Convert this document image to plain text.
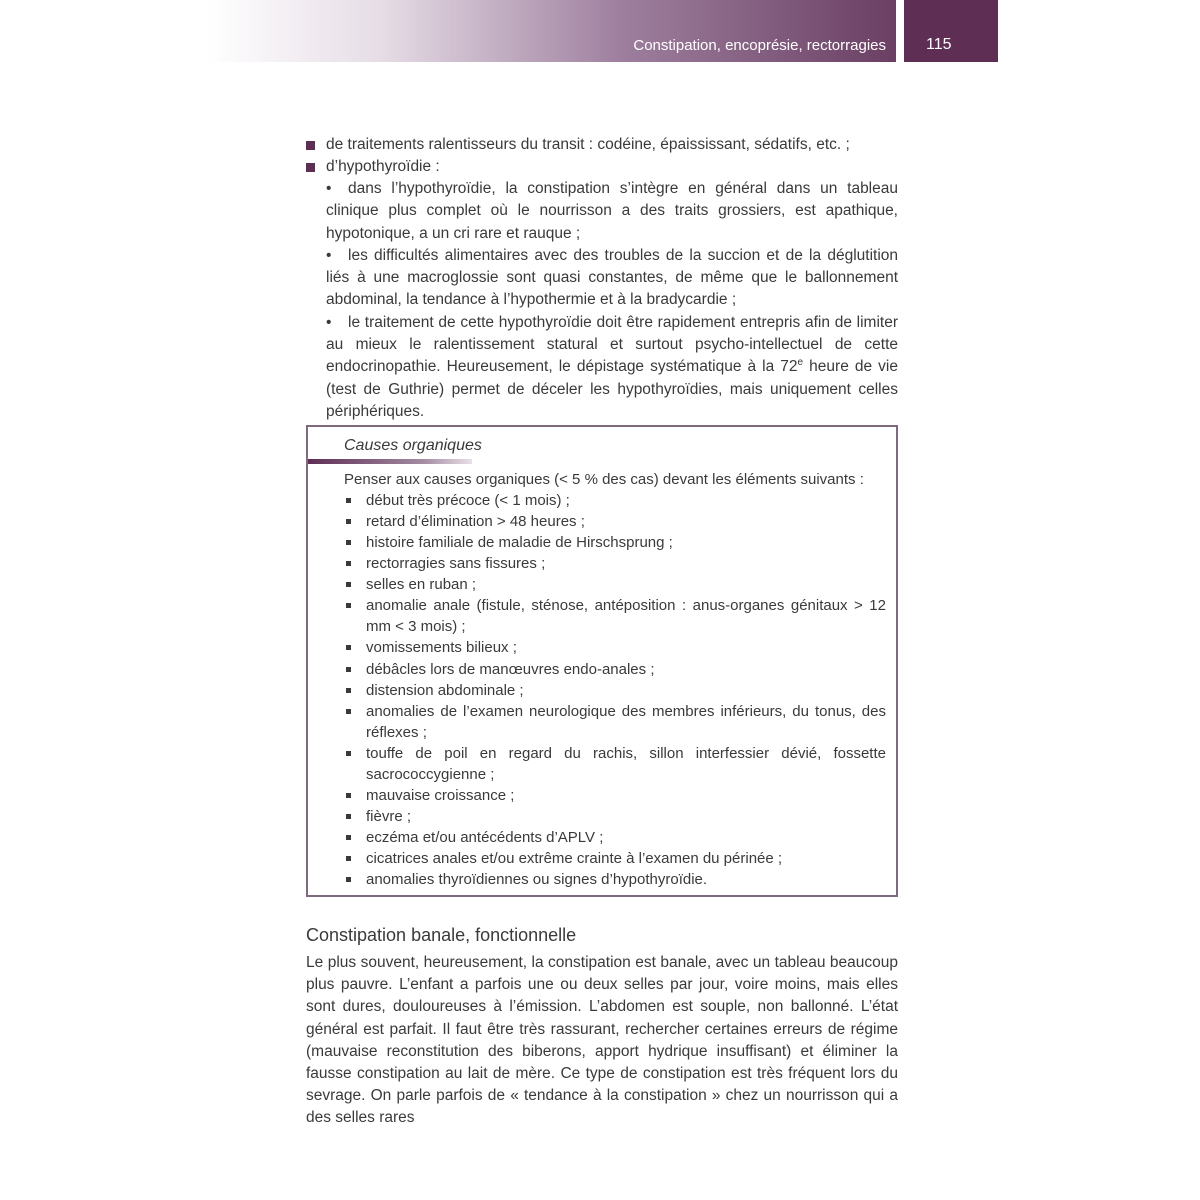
Constipation, encoprésie, rectorragies	115
de traitements ralentisseurs du transit : codéine, épaississant, sédatifs, etc. ;
d’hypothyroïdie :
• dans l’hypothyroïdie, la constipation s’intègre en général dans un tableau clinique plus complet où le nourrisson a des traits grossiers, est apathique, hypotonique, a un cri rare et rauque ;
• les difficultés alimentaires avec des troubles de la succion et de la déglutition liés à une macroglossie sont quasi constantes, de même que le ballonnement abdominal, la tendance à l’hypothermie et à la bradycardie ;
• le traitement de cette hypothyroïdie doit être rapidement entrepris afin de limiter au mieux le ralentissement statural et surtout psycho-intellectuel de cette endocrinopathie. Heureusement, le dépistage systématique à la 72e heure de vie (test de Guthrie) permet de déceler les hypothyroïdies, mais uniquement celles périphériques.
Causes organiques
Penser aux causes organiques (< 5 % des cas) devant les éléments suivants :
début très précoce (< 1 mois) ;
retard d’élimination > 48 heures ;
histoire familiale de maladie de Hirschsprung ;
rectorragies sans fissures ;
selles en ruban ;
anomalie anale (fistule, sténose, antéposition : anus-organes génitaux > 12 mm < 3 mois) ;
vomissements bilieux ;
débâcles lors de manœuvres endo-anales ;
distension abdominale ;
anomalies de l’examen neurologique des membres inférieurs, du tonus, des réflexes ;
touffe de poil en regard du rachis, sillon interfessier dévié, fossette sacrococcygienne ;
mauvaise croissance ;
fièvre ;
eczéma et/ou antécédents d’APLV ;
cicatrices anales et/ou extrême crainte à l’examen du périnée ;
anomalies thyroïdiennes ou signes d’hypothyroïdie.
Constipation banale, fonctionnelle
Le plus souvent, heureusement, la constipation est banale, avec un tableau beaucoup plus pauvre. L’enfant a parfois une ou deux selles par jour, voire moins, mais elles sont dures, douloureuses à l’émission. L’abdomen est souple, non ballonné. L’état général est parfait. Il faut être très rassurant, rechercher certaines erreurs de régime (mauvaise reconstitution des biberons, apport hydrique insuffisant) et éliminer la fausse constipation au lait de mère. Ce type de constipation est très fréquent lors du sevrage. On parle parfois de « tendance à la constipation » chez un nourrisson qui a des selles rares
